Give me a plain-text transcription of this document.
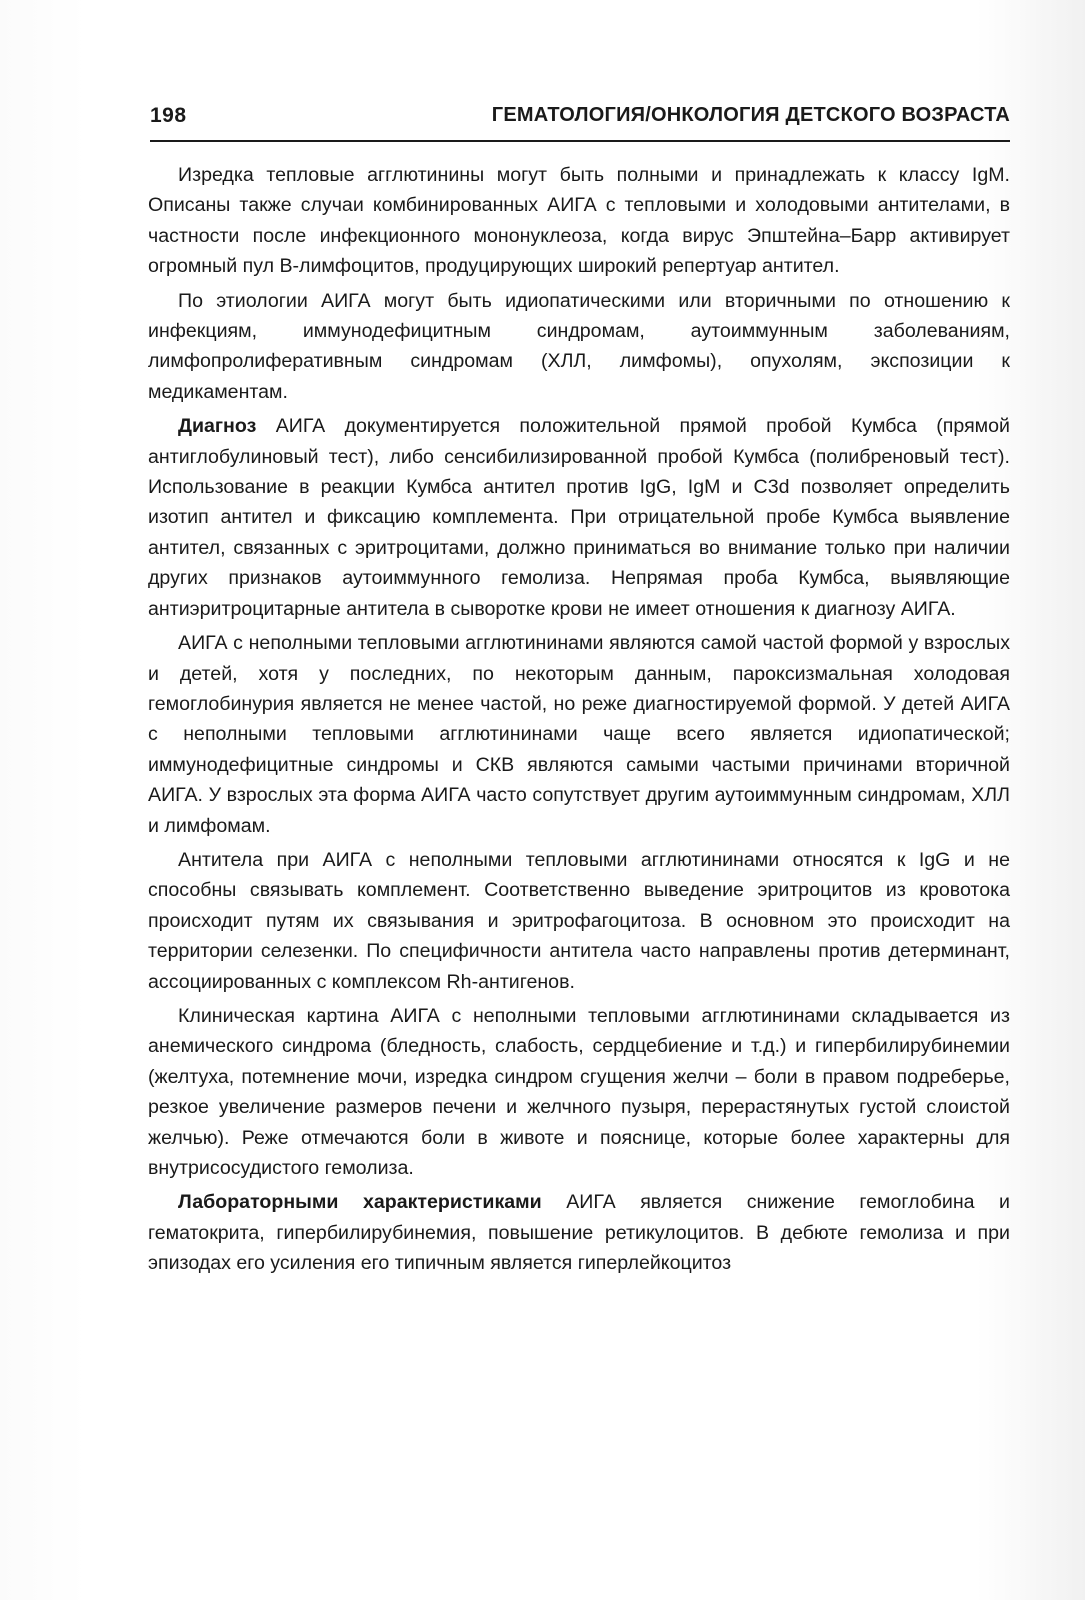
198	ГЕМАТОЛОГИЯ/ОНКОЛОГИЯ ДЕТСКОГО ВОЗРАСТА

Изредка тепловые агглютинины могут быть полными и принадлежать к классу IgM. Описаны также случаи комбинированных АИГА с тепловыми и холодовыми антителами, в частности после инфекционного мононуклеоза, когда вирус Эпштейна–Барр активирует огромный пул В-лимфоцитов, продуцирующих широкий репертуар антител.

По этиологии АИГА могут быть идиопатическими или вторичными по отношению к инфекциям, иммунодефицитным синдромам, аутоиммунным заболеваниям, лимфопролиферативным синдромам (ХЛЛ, лимфомы), опухолям, экспозиции к медикаментам.

Диагноз АИГА документируется положительной прямой пробой Кумбса (прямой антиглобулиновый тест), либо сенсибилизированной пробой Кумбса (полибреновый тест). Использование в реакции Кумбса антител против IgG, IgM и C3d позволяет определить изотип антител и фиксацию комплемента. При отрицательной пробе Кумбса выявление антител, связанных с эритроцитами, должно приниматься во внимание только при наличии других признаков аутоиммунного гемолиза. Непрямая проба Кумбса, выявляющие антиэритроцитарные антитела в сыворотке крови не имеет отношения к диагнозу АИГА.

АИГА с неполными тепловыми агглютининами являются самой частой формой у взрослых и детей, хотя у последних, по некоторым данным, пароксизмальная холодовая гемоглобинурия является не менее частой, но реже диагностируемой формой. У детей АИГА с неполными тепловыми агглютининами чаще всего является идиопатической; иммунодефицитные синдромы и СКВ являются самыми частыми причинами вторичной АИГА. У взрослых эта форма АИГА часто сопутствует другим аутоиммунным синдромам, ХЛЛ и лимфомам.

Антитела при АИГА с неполными тепловыми агглютининами относятся к IgG и не способны связывать комплемент. Соответственно выведение эритроцитов из кровотока происходит путям их связывания и эритрофагоцитоза. В основном это происходит на территории селезенки. По специфичности антитела часто направлены против детерминант, ассоциированных с комплексом Rh-антигенов.

Клиническая картина АИГА с неполными тепловыми агглютининами складывается из анемического синдрома (бледность, слабость, сердцебиение и т.д.) и гипербилирубинемии (желтуха, потемнение мочи, изредка синдром сгущения желчи – боли в правом подреберье, резкое увеличение размеров печени и желчного пузыря, перерастянутых густой слоистой желчью). Реже отмечаются боли в животе и пояснице, которые более характерны для внутрисосудистого гемолиза.

Лабораторными характеристиками АИГА является снижение гемоглобина и гематокрита, гипербилирубинемия, повышение ретикулоцитов. В дебюте гемолиза и при эпизодах его усиления его типичным является гиперлейкоцитоз
